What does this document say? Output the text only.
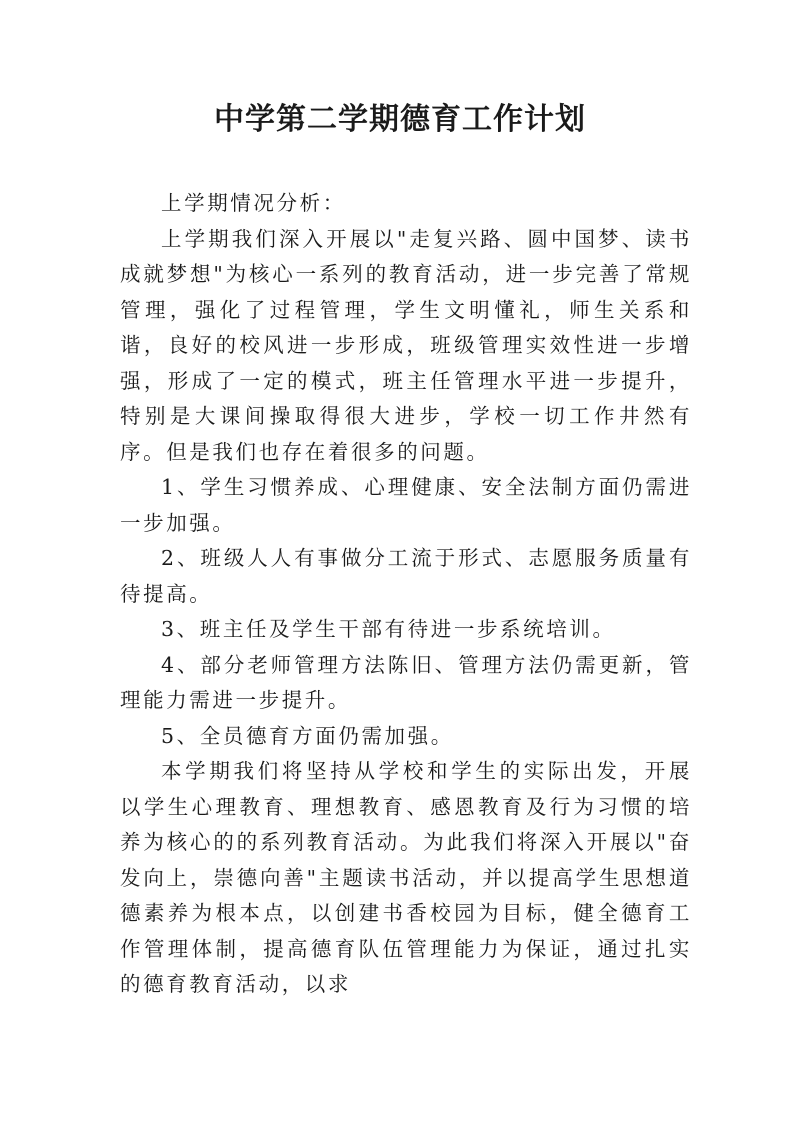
中学第二学期德育工作计划

上学期情况分析：

上学期我们深入开展以"走复兴路、圆中国梦、读书成就梦想"为核心一系列的教育活动，进一步完善了常规管理，强化了过程管理，学生文明懂礼，师生关系和谐，良好的校风进一步形成，班级管理实效性进一步增强，形成了一定的模式，班主任管理水平进一步提升，特别是大课间操取得很大进步，学校一切工作井然有序。但是我们也存在着很多的问题。

1、学生习惯养成、心理健康、安全法制方面仍需进一步加强。

2、班级人人有事做分工流于形式、志愿服务质量有待提高。

3、班主任及学生干部有待进一步系统培训。

4、部分老师管理方法陈旧、管理方法仍需更新，管理能力需进一步提升。

5、全员德育方面仍需加强。

本学期我们将坚持从学校和学生的实际出发，开展以学生心理教育、理想教育、感恩教育及行为习惯的培养为核心的的系列教育活动。为此我们将深入开展以"奋发向上，崇德向善"主题读书活动，并以提高学生思想道德素养为根本点，以创建书香校园为目标，健全德育工作管理体制，提高德育队伍管理能力为保证，通过扎实的德育教育活动，以求
